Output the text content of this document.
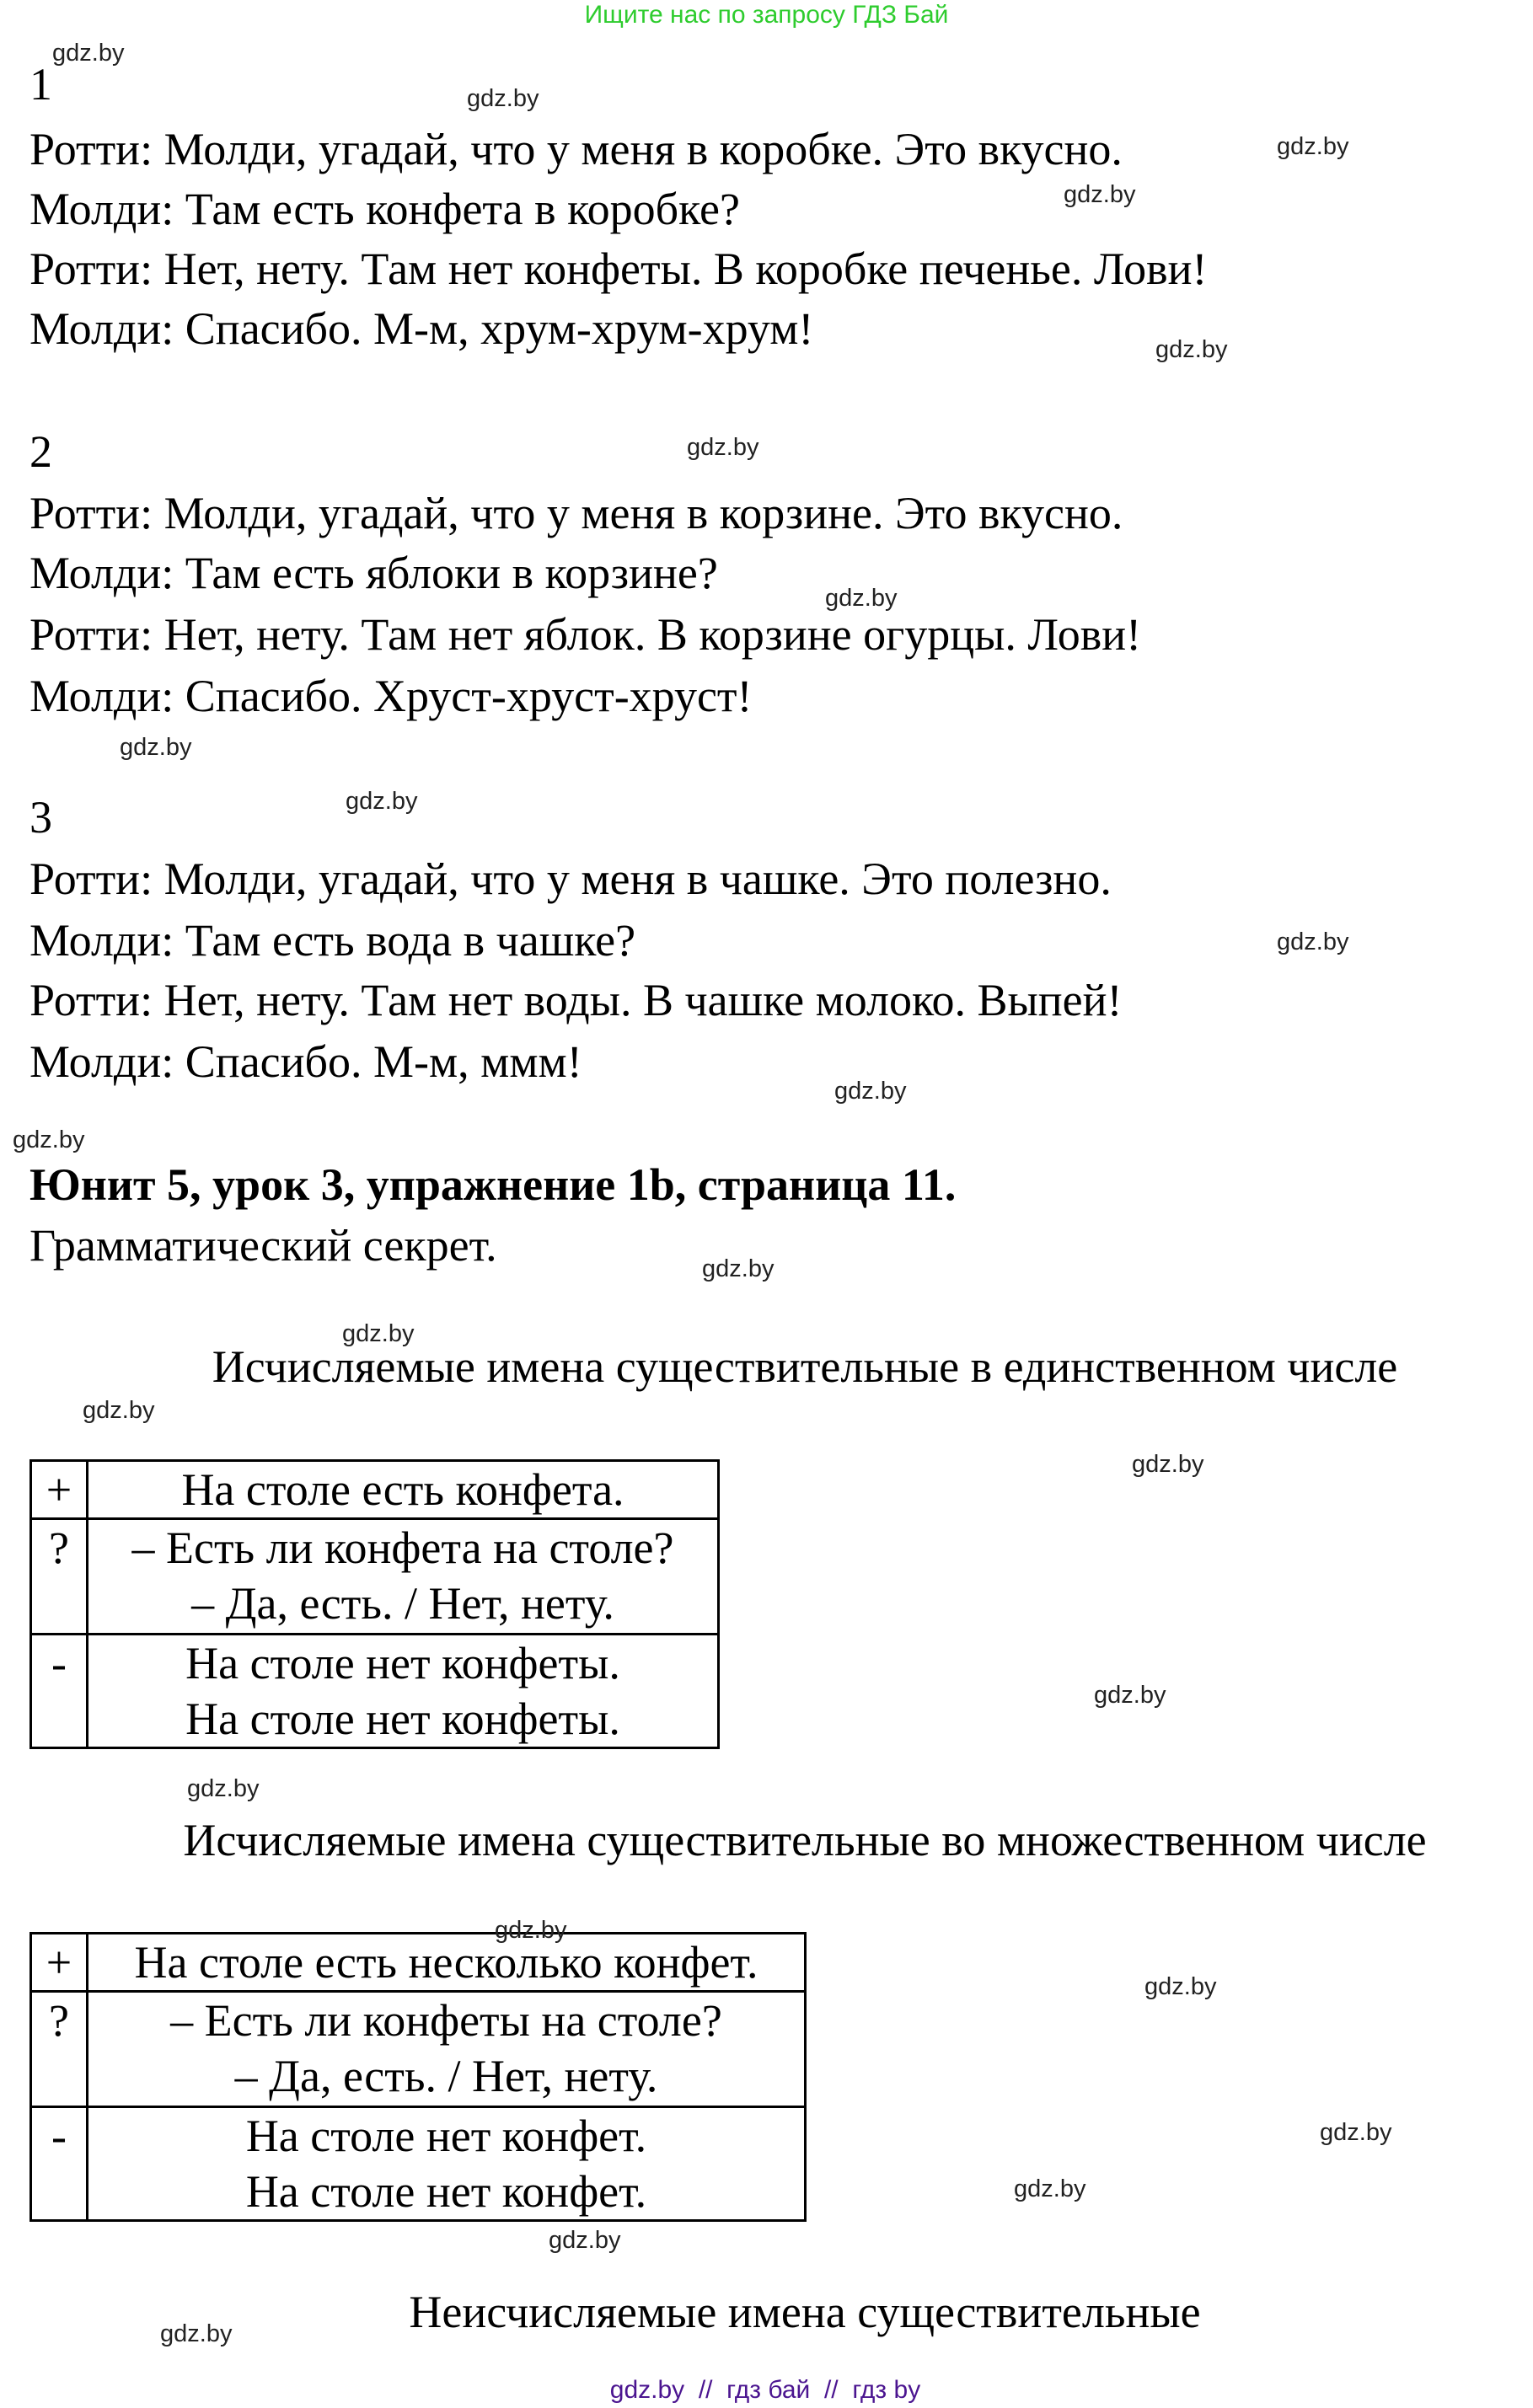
Ищите нас по запросу ГДЗ Бай
1
Ротти: Молди, угадай, что у меня в коробке. Это вкусно.
Молди: Там есть конфета в коробке?
Ротти: Нет, нету. Там нет конфеты. В коробке печенье. Лови!
Молди: Спасибо. М-м, хрум-хрум-хрум!
2
Ротти: Молди, угадай, что у меня в корзине. Это вкусно.
Молди: Там есть яблоки в корзине?
Ротти: Нет, нету. Там нет яблок. В корзине огурцы. Лови!
Молди: Спасибо. Хруст-хруст-хруст!
3
Ротти: Молди, угадай, что у меня в чашке. Это полезно.
Молди: Там есть вода в чашке?
Ротти: Нет, нету. Там нет воды. В чашке молоко. Выпей!
Молди: Спасибо. М-м, ммм!
Юнит 5, урок 3, упражнение 1b, страница 11.
Грамматический секрет.
Исчисляемые имена существительные в единственном числе
+	На столе есть конфета.

?	– Есть ли конфета на столе?
– Да, есть. / Нет, нету.

-	На столе нет конфеты.
На столе нет конфеты.
Исчисляемые имена существительные во множественном числе
+	На столе есть несколько конфет.

?	– Есть ли конфеты на столе?
– Да, есть. / Нет, нету.

-	На столе нет конфет.
На столе нет конфет.
Неисчисляемые имена существительные
gdz.by  //  гдз бай  //  гдз by
gdz.by
gdz.by
gdz.by
gdz.by
gdz.by
gdz.by
gdz.by
gdz.by
gdz.by
gdz.by
gdz.by
gdz.by
gdz.by
gdz.by
gdz.by
gdz.by
gdz.by
gdz.by
gdz.by
gdz.by
gdz.by
gdz.by
gdz.by
gdz.by
